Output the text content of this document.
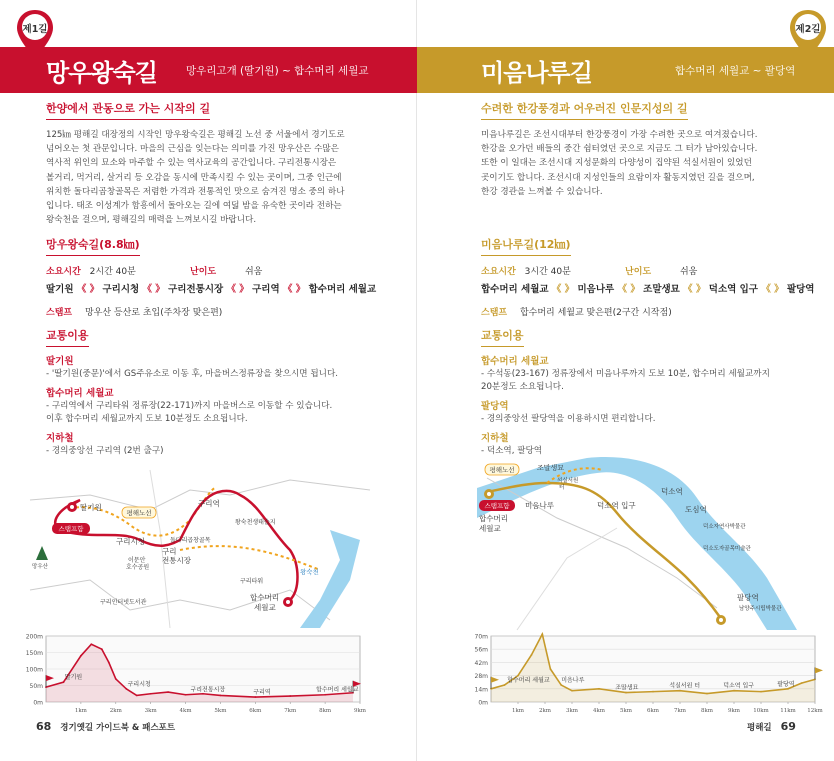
망우왕숙길	망우리고개 (딸기원) ~ 합수머리 세월교
제1길
한양에서 관동으로 가는 시작의 길
125㎞ 평해길 대장정의 시작인 망우왕숙길은 평해길 노선 중 서울에서 경기도로
넘어오는 첫 관문입니다. 마을의 근심을 잊는다는 의미를 가진 망우산은 수많은
역사적 위인의 묘소와 마주할 수 있는 역사교육의 공간입니다. 구리전통시장은
볼거리, 먹거리, 살거리 등 오감을 동시에 만족시킬 수 있는 곳이며, 그중 인근에
위치한 돌다리곱창골목은 저렴한 가격과 전통적인 맛으로 숨겨진 명소 중의 하나
입니다. 태조 이성계가 함흥에서 돌아오는 길에 여덟 밤을 유숙한 곳이라 전하는
왕숙천을 걸으며, 평해길의 매력을 느껴보시길 바랍니다.
망우왕숙길(8.8㎞)
소요시간 2시간 40분	난이도	쉬움
딸기원 《 》 구리시청 《 》 구리전통시장 《 》 구리역 《 》 합수머리 세월교
스탬프 망우산 등산로 초입(주차장 맞은편)
교통이용
딸기원
- '딸기원(중문)'에서 GS주유소로 이동 후, 마을버스정류장을 찾으시면 됩니다.
합수머리 세월교
- 구리역에서 구리타워 정류장(22-171)까지 마을버스로 이동할 수 있습니다.
이후 합수머리 세월교까지 도보 10분정도 소요됩니다.
지하철
- 경의중앙선 구리역 (2번 출구)
스탬프함
딸기원
평해노선
구리역
구리시청
이문안
호수공원
돌다리곱창골목
구리
전통시장
구리인터넷도서관
왕숙천생태습지
왕숙천
구리타워
합수머리
세월교
망우산
0m
50m
100m
150m
200m
1km	2km	3km	4km	5km	6km	7km	8km	9km
딸기원
구리시청
구리전통시장	구리역	합수머리 세월교
68 경기옛길 가이드북 & 패스포트
미음나루길	합수머리 세월교 ~ 팔당역
제2길
수려한 한강풍경과 어우러진 인문지성의 길
미음나루길은 조선시대부터 한강풍경이 가장 수려한 곳으로 여겨졌습니다.
한강을 오가던 배들의 중간 쉼터였던 곳으로 지금도 그 터가 남아있습니다.
또한 이 일대는 조선시대 지성문화의 다양성이 집약된 석실서원이 있었던
곳이기도 합니다. 조선시대 지성인들의 요람이자 활동지였던 길을 걸으며,
한강 경관을 느껴볼 수 있습니다.
미음나루길(12㎞)
소요시간 3시간 40분	난이도	쉬움
합수머리 세월교 《 》 미음나루 《 》 조말생묘 《 》 덕소역 입구 《 》 팔당역
스탬프 합수머리 세월교 맞은편(2구간 시작점)
교통이용
합수머리 세월교
- 수석동(23-167) 정류장에서 미음나루까지 도보 10분, 합수머리 세월교까지
20분정도 소요됩니다.
팔당역
- 경의중앙선 팔당역을 이용하시면 편리합니다.
지하철
- 덕소역, 팔당역
평해노선
스탬프함
합수머리
세월교
미음나루
조말생묘
석실서원
터
덕소역 입구
덕소역
도심역
덕소자연사박물관
덕소도자골목미술관
팔당역
남양주시립박물관
0m
14m
28m
42m
56m
70m
1km	2km	3km	4km	5km	6km	7km	8km	9km 10km 11km 12km
합수머리 세월교 미음나루
조말생묘	석실서원 터	덕소역 입구	팔당역
평해길 69
